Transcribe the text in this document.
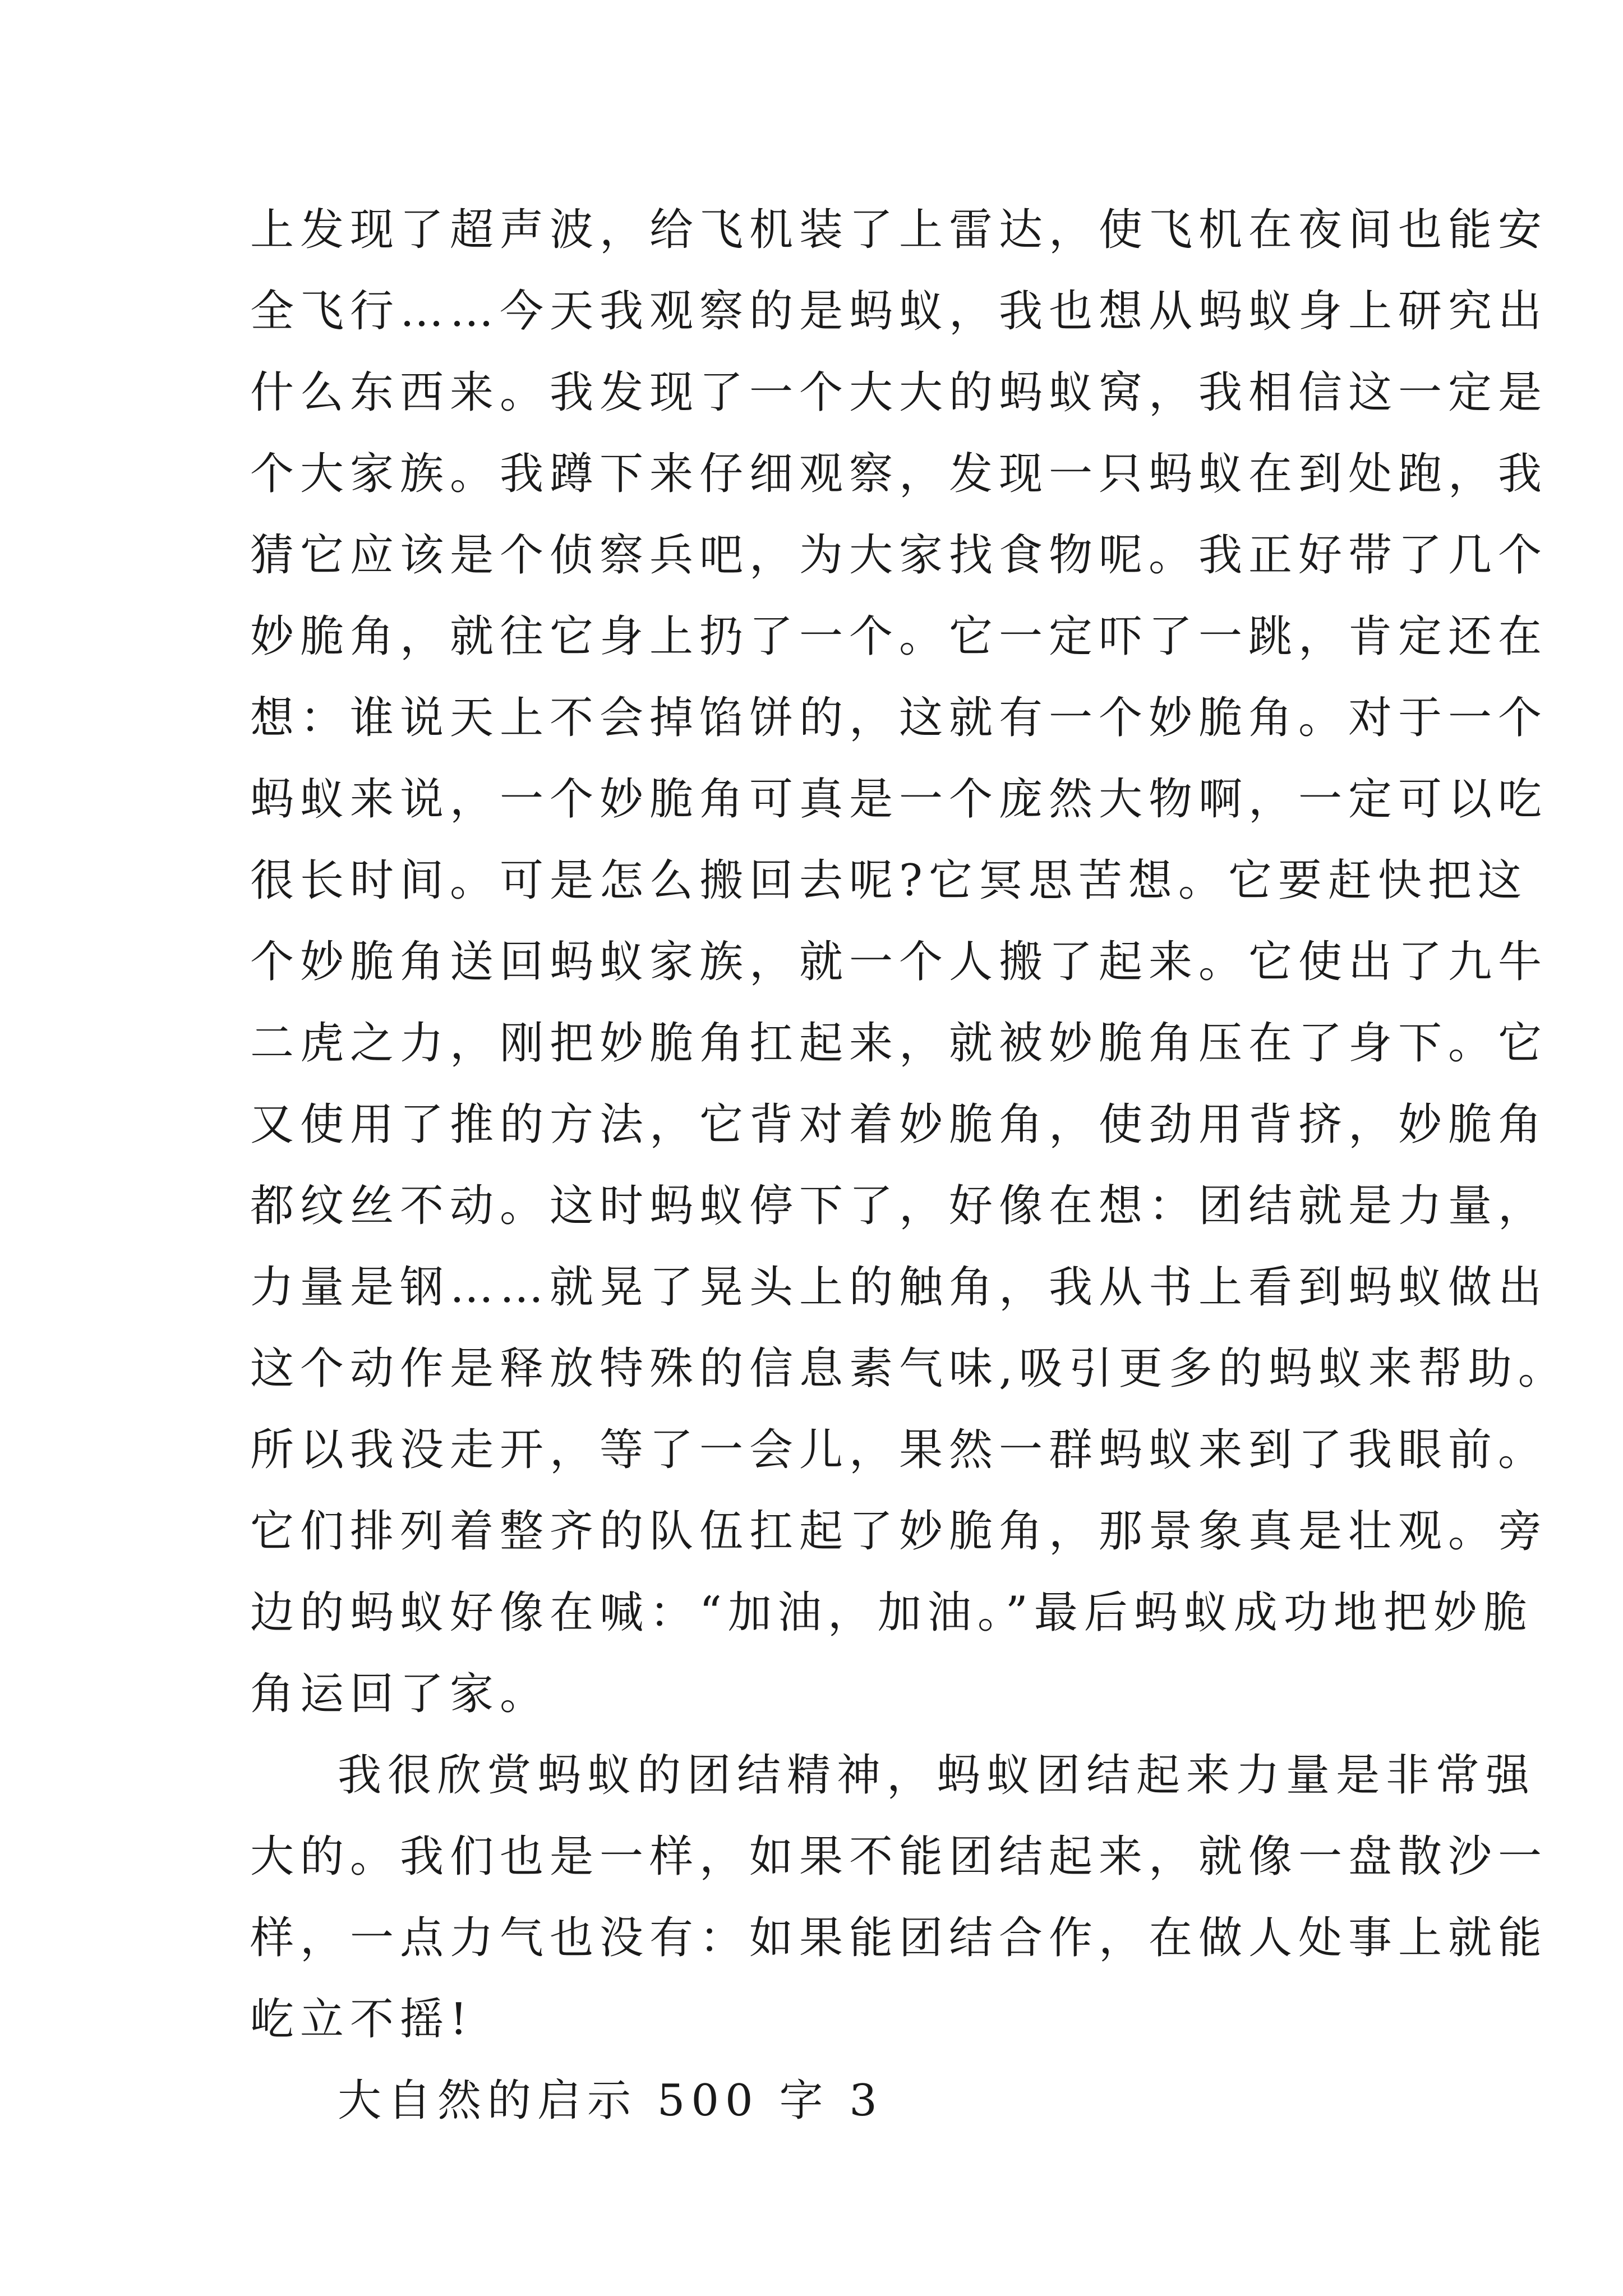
上发现了超声波，给飞机装了上雷达，使飞机在夜间也能安
全飞行……今天我观察的是蚂蚁，我也想从蚂蚁身上研究出
什么东西来。我发现了一个大大的蚂蚁窝，我相信这一定是
个大家族。我蹲下来仔细观察，发现一只蚂蚁在到处跑，我
猜它应该是个侦察兵吧，为大家找食物呢。我正好带了几个
妙脆角，就往它身上扔了一个。它一定吓了一跳，肯定还在
想：谁说天上不会掉馅饼的，这就有一个妙脆角。对于一个
蚂蚁来说，一个妙脆角可真是一个庞然大物啊，一定可以吃
很长时间。可是怎么搬回去呢?它冥思苦想。它要赶快把这
个妙脆角送回蚂蚁家族，就一个人搬了起来。它使出了九牛
二虎之力，刚把妙脆角扛起来，就被妙脆角压在了身下。它
又使用了推的方法，它背对着妙脆角，使劲用背挤，妙脆角
都纹丝不动。这时蚂蚁停下了，好像在想：团结就是力量，
力量是钢……就晃了晃头上的触角，我从书上看到蚂蚁做出
这个动作是释放特殊的信息素气味,吸引更多的蚂蚁来帮助。
所以我没走开，等了一会儿，果然一群蚂蚁来到了我眼前。
它们排列着整齐的队伍扛起了妙脆角，那景象真是壮观。旁
边的蚂蚁好像在喊：“加油，加油。”最后蚂蚁成功地把妙脆
角运回了家。
我很欣赏蚂蚁的团结精神，蚂蚁团结起来力量是非常强
大的。我们也是一样，如果不能团结起来，就像一盘散沙一
样，一点力气也没有：如果能团结合作，在做人处事上就能
屹立不摇!
大自然的启示 500 字 3
